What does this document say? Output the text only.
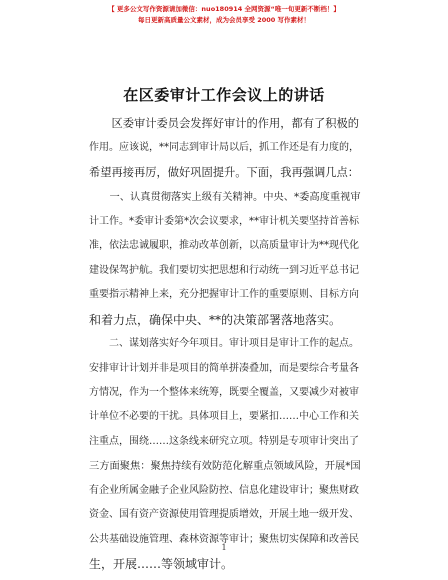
【 更多公文写作资源请加微信：nuo180914 全网资源“唯一旬更新不断档！】
每日更新高质量公文素材，成为会员享受 2000 写作素材！
在区委审计工作会议上的讲话
区委审计委员会发挥好审计的作用，都有了积极的
作用。应该说，**同志到审计局以后，抓工作还是有力度的，
希望再接再厉，做好巩固提升。下面，我再强调几点：
一、认真贯彻落实上级有关精神。中央、*委高度重视审
计工作。*委审计委第*次会议要求，**审计机关要坚持首善标
准，依法忠诚履职，推动改革创新，以高质量审计为**现代化
建设保驾护航。我们要切实把思想和行动统一到习近平总书记
重要指示精神上来，充分把握审计工作的重要原则、目标方向
和着力点，确保中央、**的决策部署落地落实。
二、谋划落实好今年项目。审计项目是审计工作的起点。
安排审计计划并非是项目的简单拼凑叠加，而是要综合考量各
方情况，作为一个整体来统筹，既要全覆盖，又要减少对被审
计单位不必要的干扰。具体项目上，要紧扣……中心工作和关
注重点，围绕……这条线来研究立项。特别是专项审计突出了
三方面聚焦：聚焦持续有效防范化解重点领域风险，开展*国
有企业所属金融子企业风险防控、信息化建设审计；聚焦财政
资金、国有资产资源使用管理提质增效，开展土地一级开发、
公共基础设施管理、森林资源等审计；聚焦切实保障和改善民
生，开展……等领域审计。
1
